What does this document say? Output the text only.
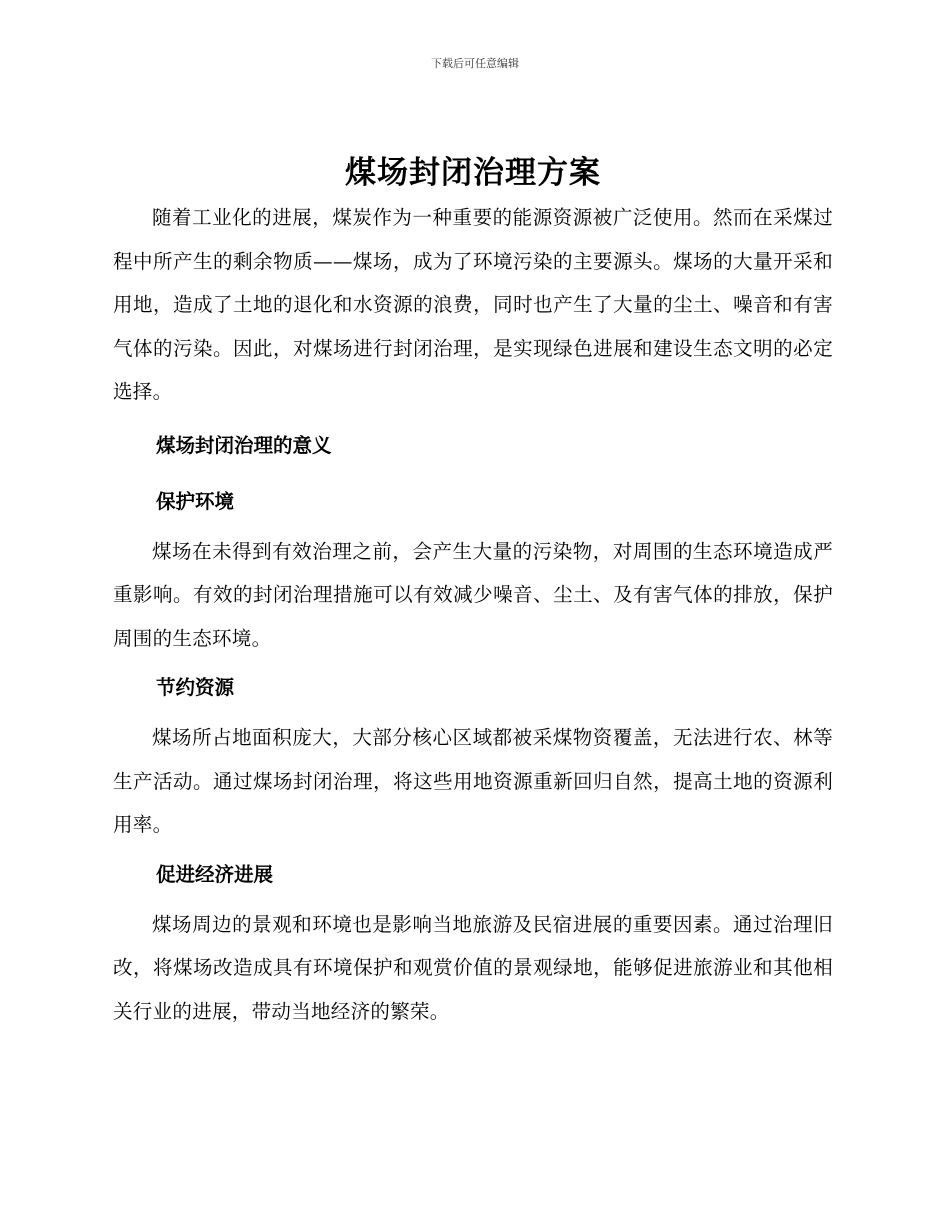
下载后可任意编辑
煤场封闭治理方案

随着工业化的进展，煤炭作为一种重要的能源资源被广泛使用。然而在采煤过程中所产生的剩余物质——煤场，成为了环境污染的主要源头。煤场的大量开采和用地，造成了土地的退化和水资源的浪费，同时也产生了大量的尘土、噪音和有害气体的污染。因此，对煤场进行封闭治理，是实现绿色进展和建设生态文明的必定选择。

煤场封闭治理的意义
保护环境

煤场在未得到有效治理之前，会产生大量的污染物，对周围的生态环境造成严重影响。有效的封闭治理措施可以有效减少噪音、尘土、及有害气体的排放，保护周围的生态环境。

节约资源

煤场所占地面积庞大，大部分核心区域都被采煤物资覆盖，无法进行农、林等生产活动。通过煤场封闭治理，将这些用地资源重新回归自然，提高土地的资源利用率。

促进经济进展

煤场周边的景观和环境也是影响当地旅游及民宿进展的重要因素。通过治理旧改，将煤场改造成具有环境保护和观赏价值的景观绿地，能够促进旅游业和其他相关行业的进展，带动当地经济的繁荣。
